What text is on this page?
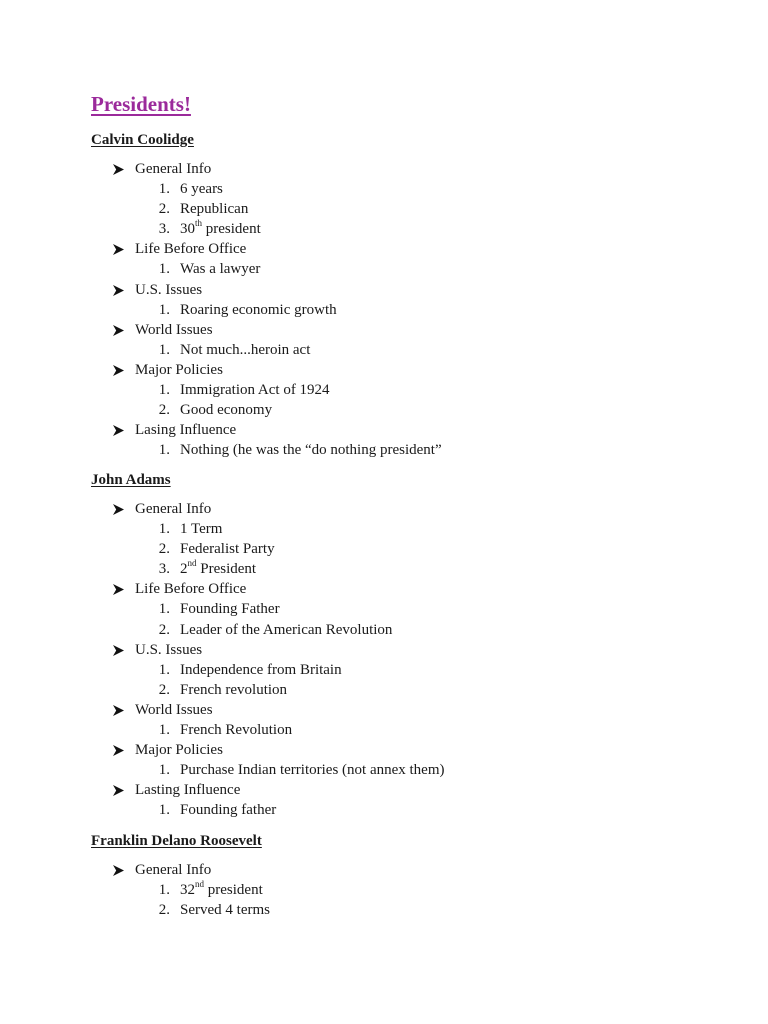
Presidents!
Calvin Coolidge
General Info
1. 6 years
2. Republican
3. 30th president
Life Before Office
1. Was a lawyer
U.S. Issues
1. Roaring economic growth
World Issues
1. Not much...heroin act
Major Policies
1. Immigration Act of 1924
2. Good economy
Lasing Influence
1. Nothing (he was the “do nothing president”
John Adams
General Info
1. 1 Term
2. Federalist Party
3. 2nd President
Life Before Office
1. Founding Father
2. Leader of the American Revolution
U.S. Issues
1. Independence from Britain
2. French revolution
World Issues
1. French Revolution
Major Policies
1. Purchase Indian territories (not annex them)
Lasting Influence
1. Founding father
Franklin Delano Roosevelt
General Info
1. 32nd president
2. Served 4 terms
